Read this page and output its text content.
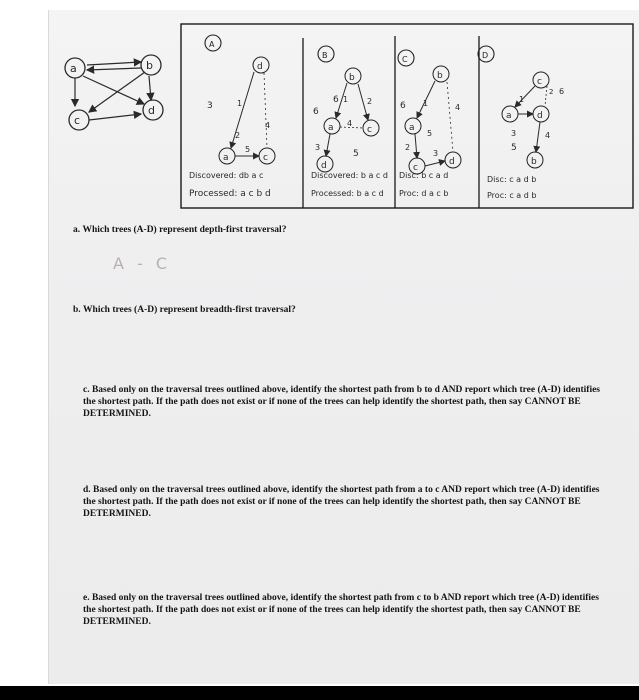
a	b
c
d
A
d
a	c
3	1
2
5
4
Discovered: db a c
Processed: a c b d
B
b
a	c
d
6
6 1 2
4
3
5
Discovered: b a c d
Processed: b a c d
C
b
a
c
d
6 1	4
5
2
3
Disc: b c a d
Proc: d a c b
D
c
a	d
b
2 6
1
3	4
5
Disc: c a d b
Proc: c a d b
a. Which trees (A-D) represent depth-first traversal?
A - C
b. Which trees (A-D) represent breadth-first traversal?
c. Based only on the traversal trees outlined above, identify the shortest path from b to d AND report which tree (A-D) identifies the shortest path. If the path does not exist or if none of the trees can help identify the shortest path, then say CANNOT BE DETERMINED.
d. Based only on the traversal trees outlined above, identify the shortest path from a to c AND report which tree (A-D) identifies the shortest path. If the path does not exist or if none of the trees can help identify the shortest path, then say CANNOT BE DETERMINED.
e. Based only on the traversal trees outlined above, identify the shortest path from c to b AND report which tree (A-D) identifies the shortest path. If the path does not exist or if none of the trees can help identify the shortest path, then say CANNOT BE DETERMINED.
